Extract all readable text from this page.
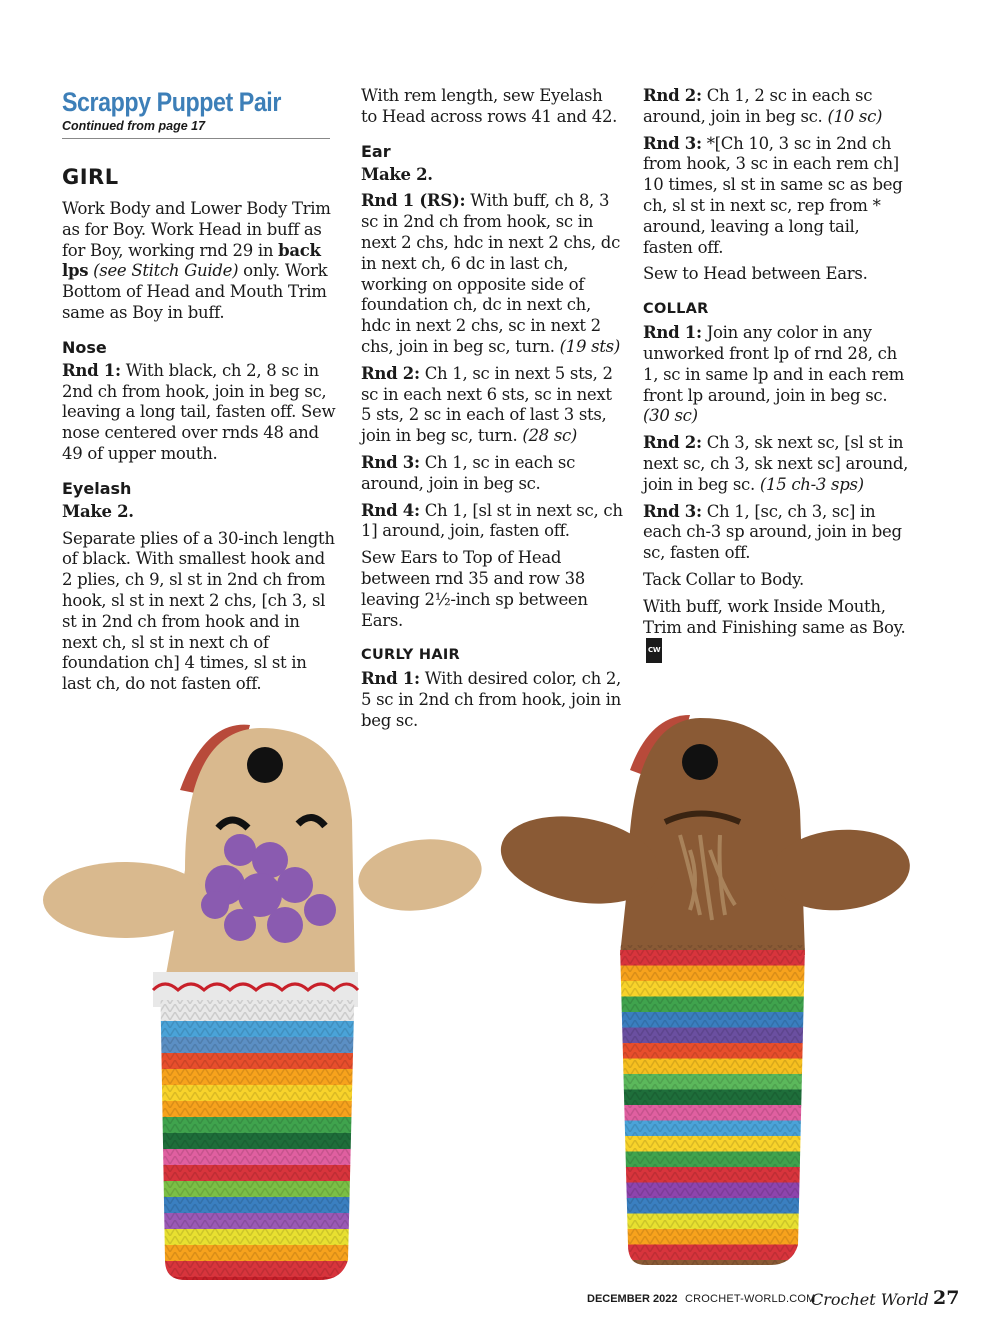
Scrappy Puppet Pair
Continued from page 17
GIRL

Work Body and Lower Body Trim as for Boy. Work Head in buff as for Boy, working rnd 29 in back lps (see Stitch Guide) only. Work Bottom of Head and Mouth Trim same as Boy in buff.

Nose

Rnd 1: With black, ch 2, 8 sc in 2nd ch from hook, join in beg sc, leaving a long tail, fasten off. Sew nose centered over rnds 48 and 49 of upper mouth.

Eyelash

Make 2.

Separate plies of a 30-inch length of black. With smallest hook and 2 plies, ch 9, sl st in 2nd ch from hook, sl st in next 2 chs, [ch 3, sl st in 2nd ch from hook and in next ch, sl st in next ch of foundation ch] 4 times, sl st in last ch, do not fasten off.

With rem length, sew Eyelash to Head across rows 41 and 42.

Ear

Make 2.

Rnd 1 (RS): With buff, ch 8, 3 sc in 2nd ch from hook, sc in next 2 chs, hdc in next 2 chs, dc in next ch, 6 dc in last ch, working on opposite side of foundation ch, dc in next ch, hdc in next 2 chs, sc in next 2 chs, join in beg sc, turn. (19 sts)

Rnd 2: Ch 1, sc in next 5 sts, 2 sc in each next 6 sts, sc in next 5 sts, 2 sc in each of last 3 sts, join in beg sc, turn. (28 sc)

Rnd 3: Ch 1, sc in each sc around, join in beg sc.

Rnd 4: Ch 1, [sl st in next sc, ch 1] around, join, fasten off.

Sew Ears to Top of Head between rnd 35 and row 38 leaving 2½-inch sp between Ears.

CURLY HAIR

Rnd 1: With desired color, ch 2, 5 sc in 2nd ch from hook, join in beg sc.

Rnd 2: Ch 1, 2 sc in each sc around, join in beg sc. (10 sc)

Rnd 3: *[Ch 10, 3 sc in 2nd ch from hook, 3 sc in each rem ch] 10 times, sl st in same sc as beg ch, sl st in next sc, rep from * around, leaving a long tail, fasten off.

Sew to Head between Ears.

COLLAR

Rnd 1: Join any color in any unworked front lp of rnd 28, ch 1, sc in same lp and in each rem front lp around, join in beg sc. (30 sc)

Rnd 2: Ch 3, sk next sc, [sl st in next sc, ch 3, sk next sc] around, join in beg sc. (15 ch-3 sps)

Rnd 3: Ch 1, [sc, ch 3, sc] in each ch-3 sp around, join in beg sc, fasten off.

Tack Collar to Body.

With buff, work Inside Mouth, Trim and Finishing same as Boy.CW

DECEMBER 2022 CROCHET-WORLD.COM
Crochet World 27
